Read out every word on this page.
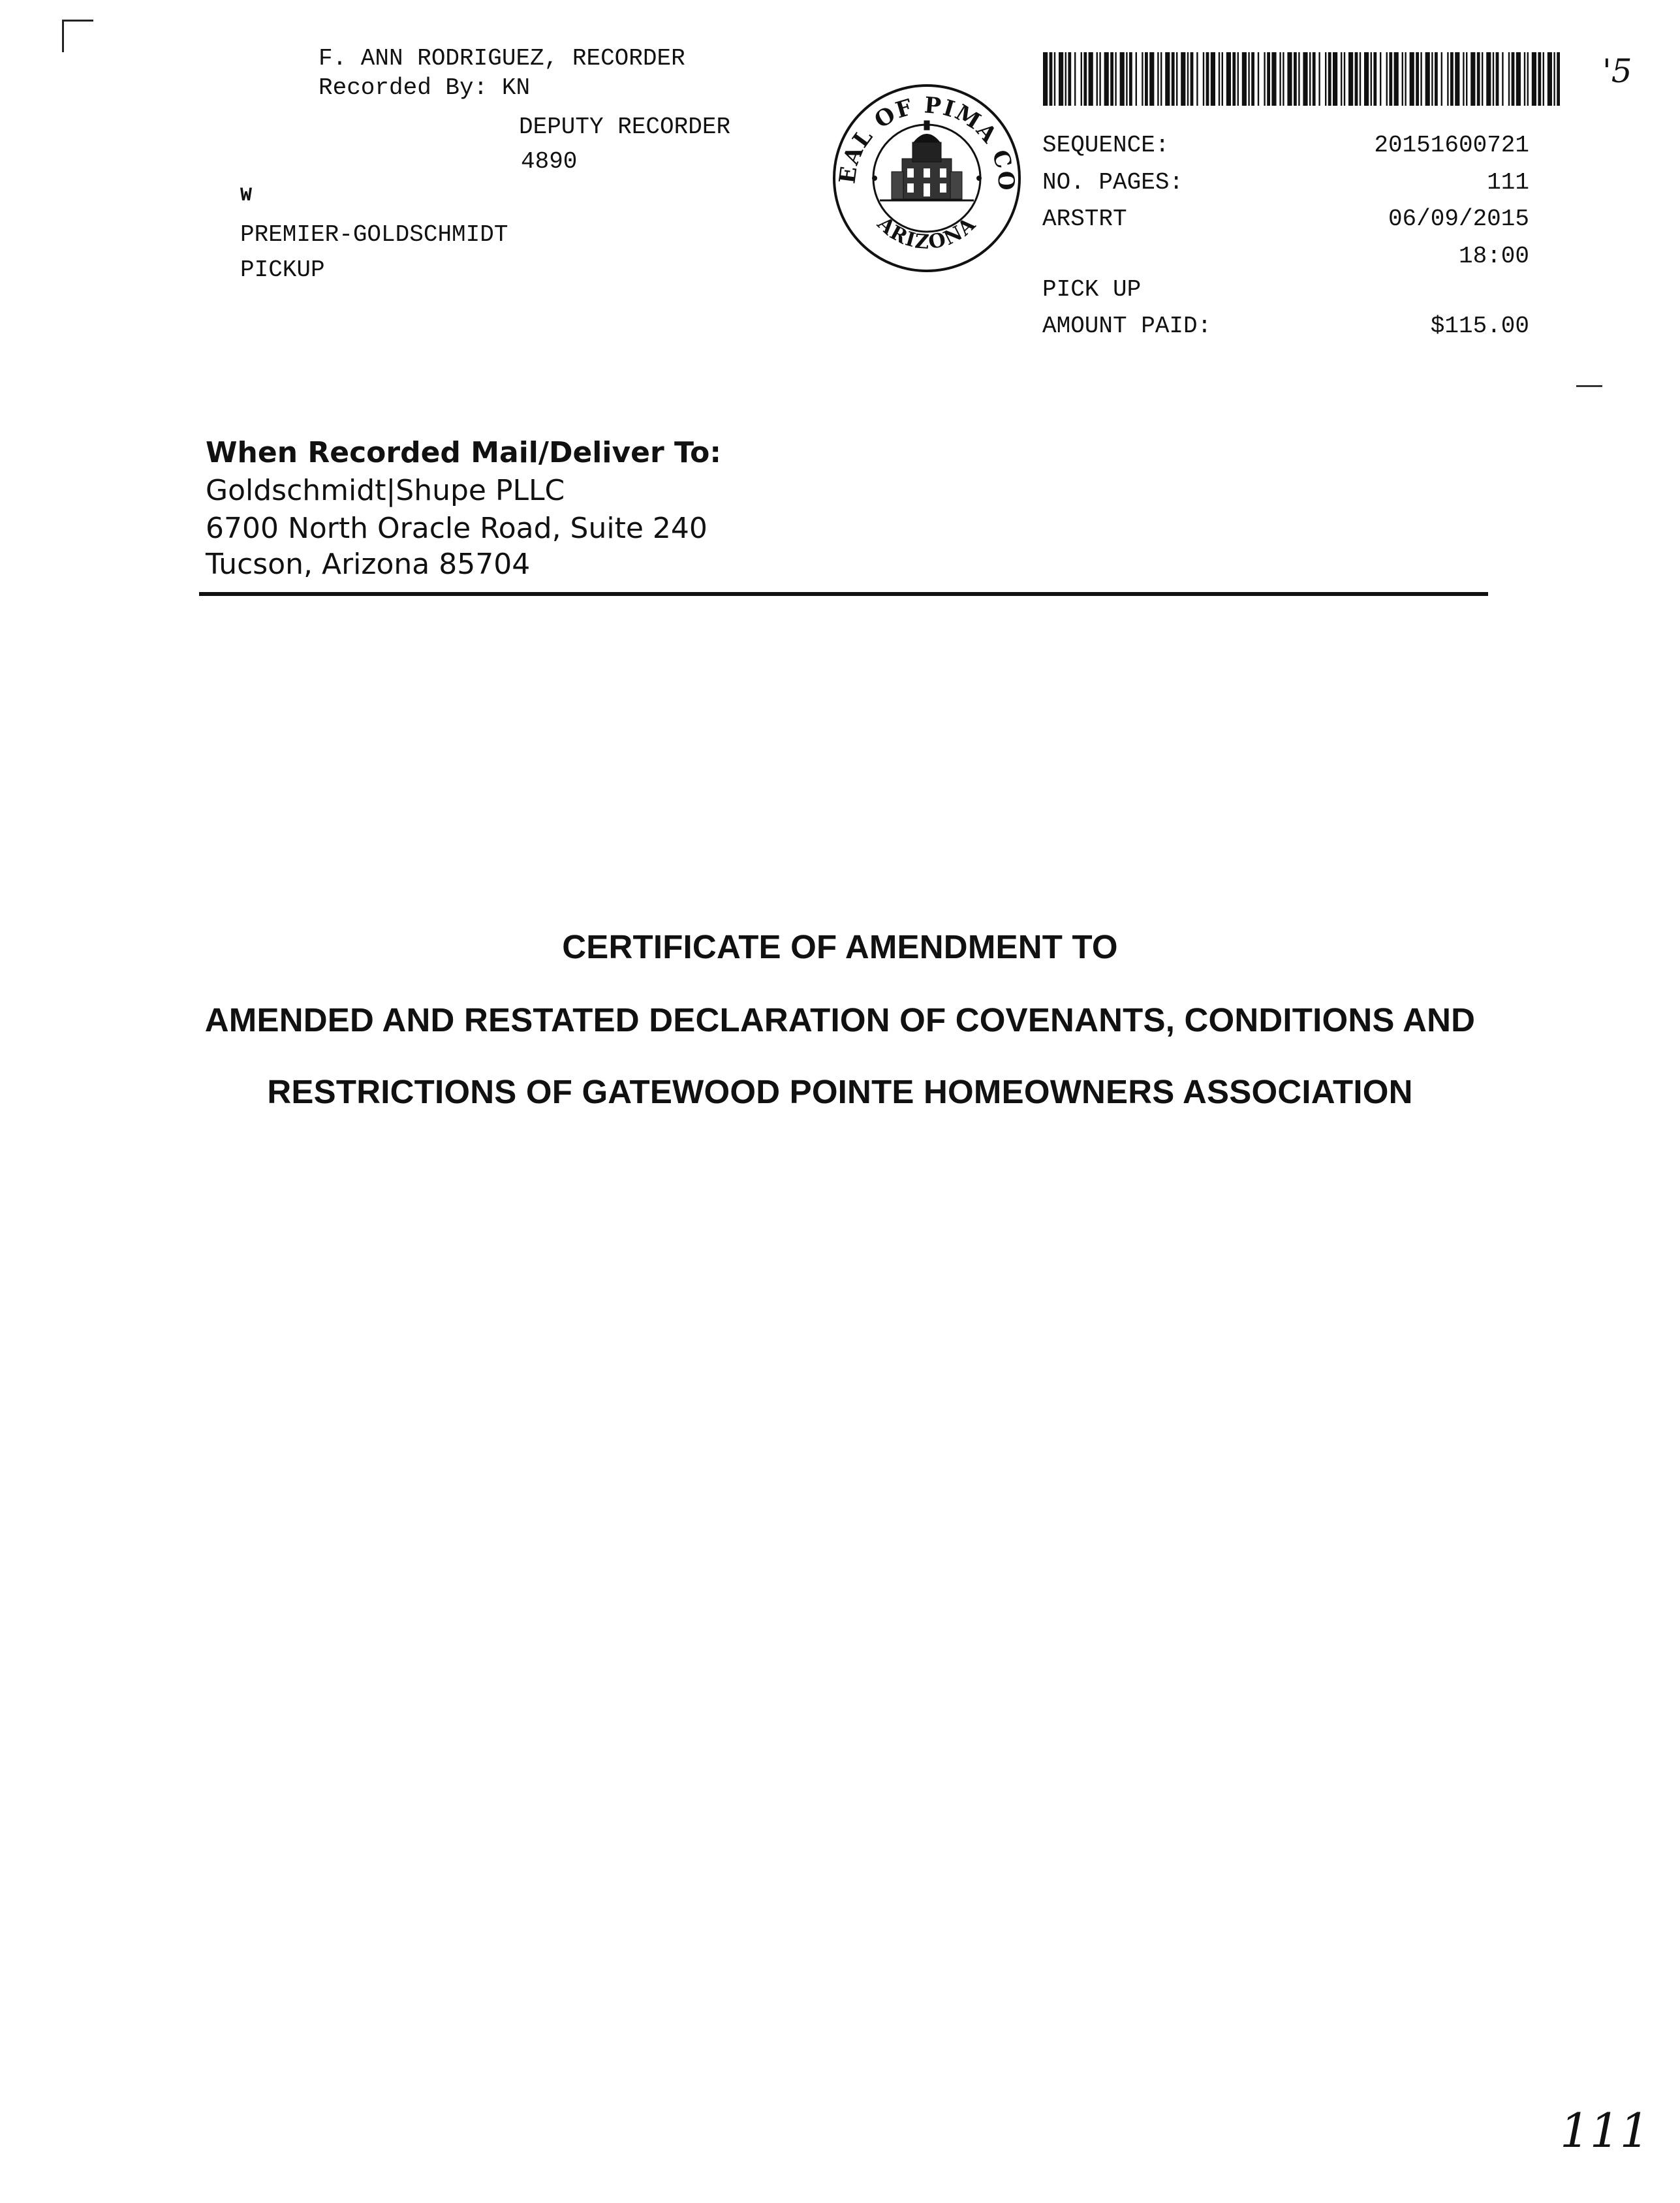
F. ANN RODRIGUEZ, RECORDER
Recorded By: KN
DEPUTY RECORDER
4890
W
PREMIER-GOLDSCHMIDT
PICKUP
EAL OF PIMA CO
ARIZONA
SEQUENCE:	20151600721
NO. PAGES:	111
ARSTRT	06/09/2015
18:00
PICK UP
AMOUNT PAID:	$115.00
'5
When Recorded Mail/Deliver To:
Goldschmidt|Shupe PLLC
6700 North Oracle Road, Suite 240
Tucson, Arizona 85704
CERTIFICATE OF AMENDMENT TO
AMENDED AND RESTATED DECLARATION OF COVENANTS, CONDITIONS AND
RESTRICTIONS OF GATEWOOD POINTE HOMEOWNERS ASSOCIATION
111
